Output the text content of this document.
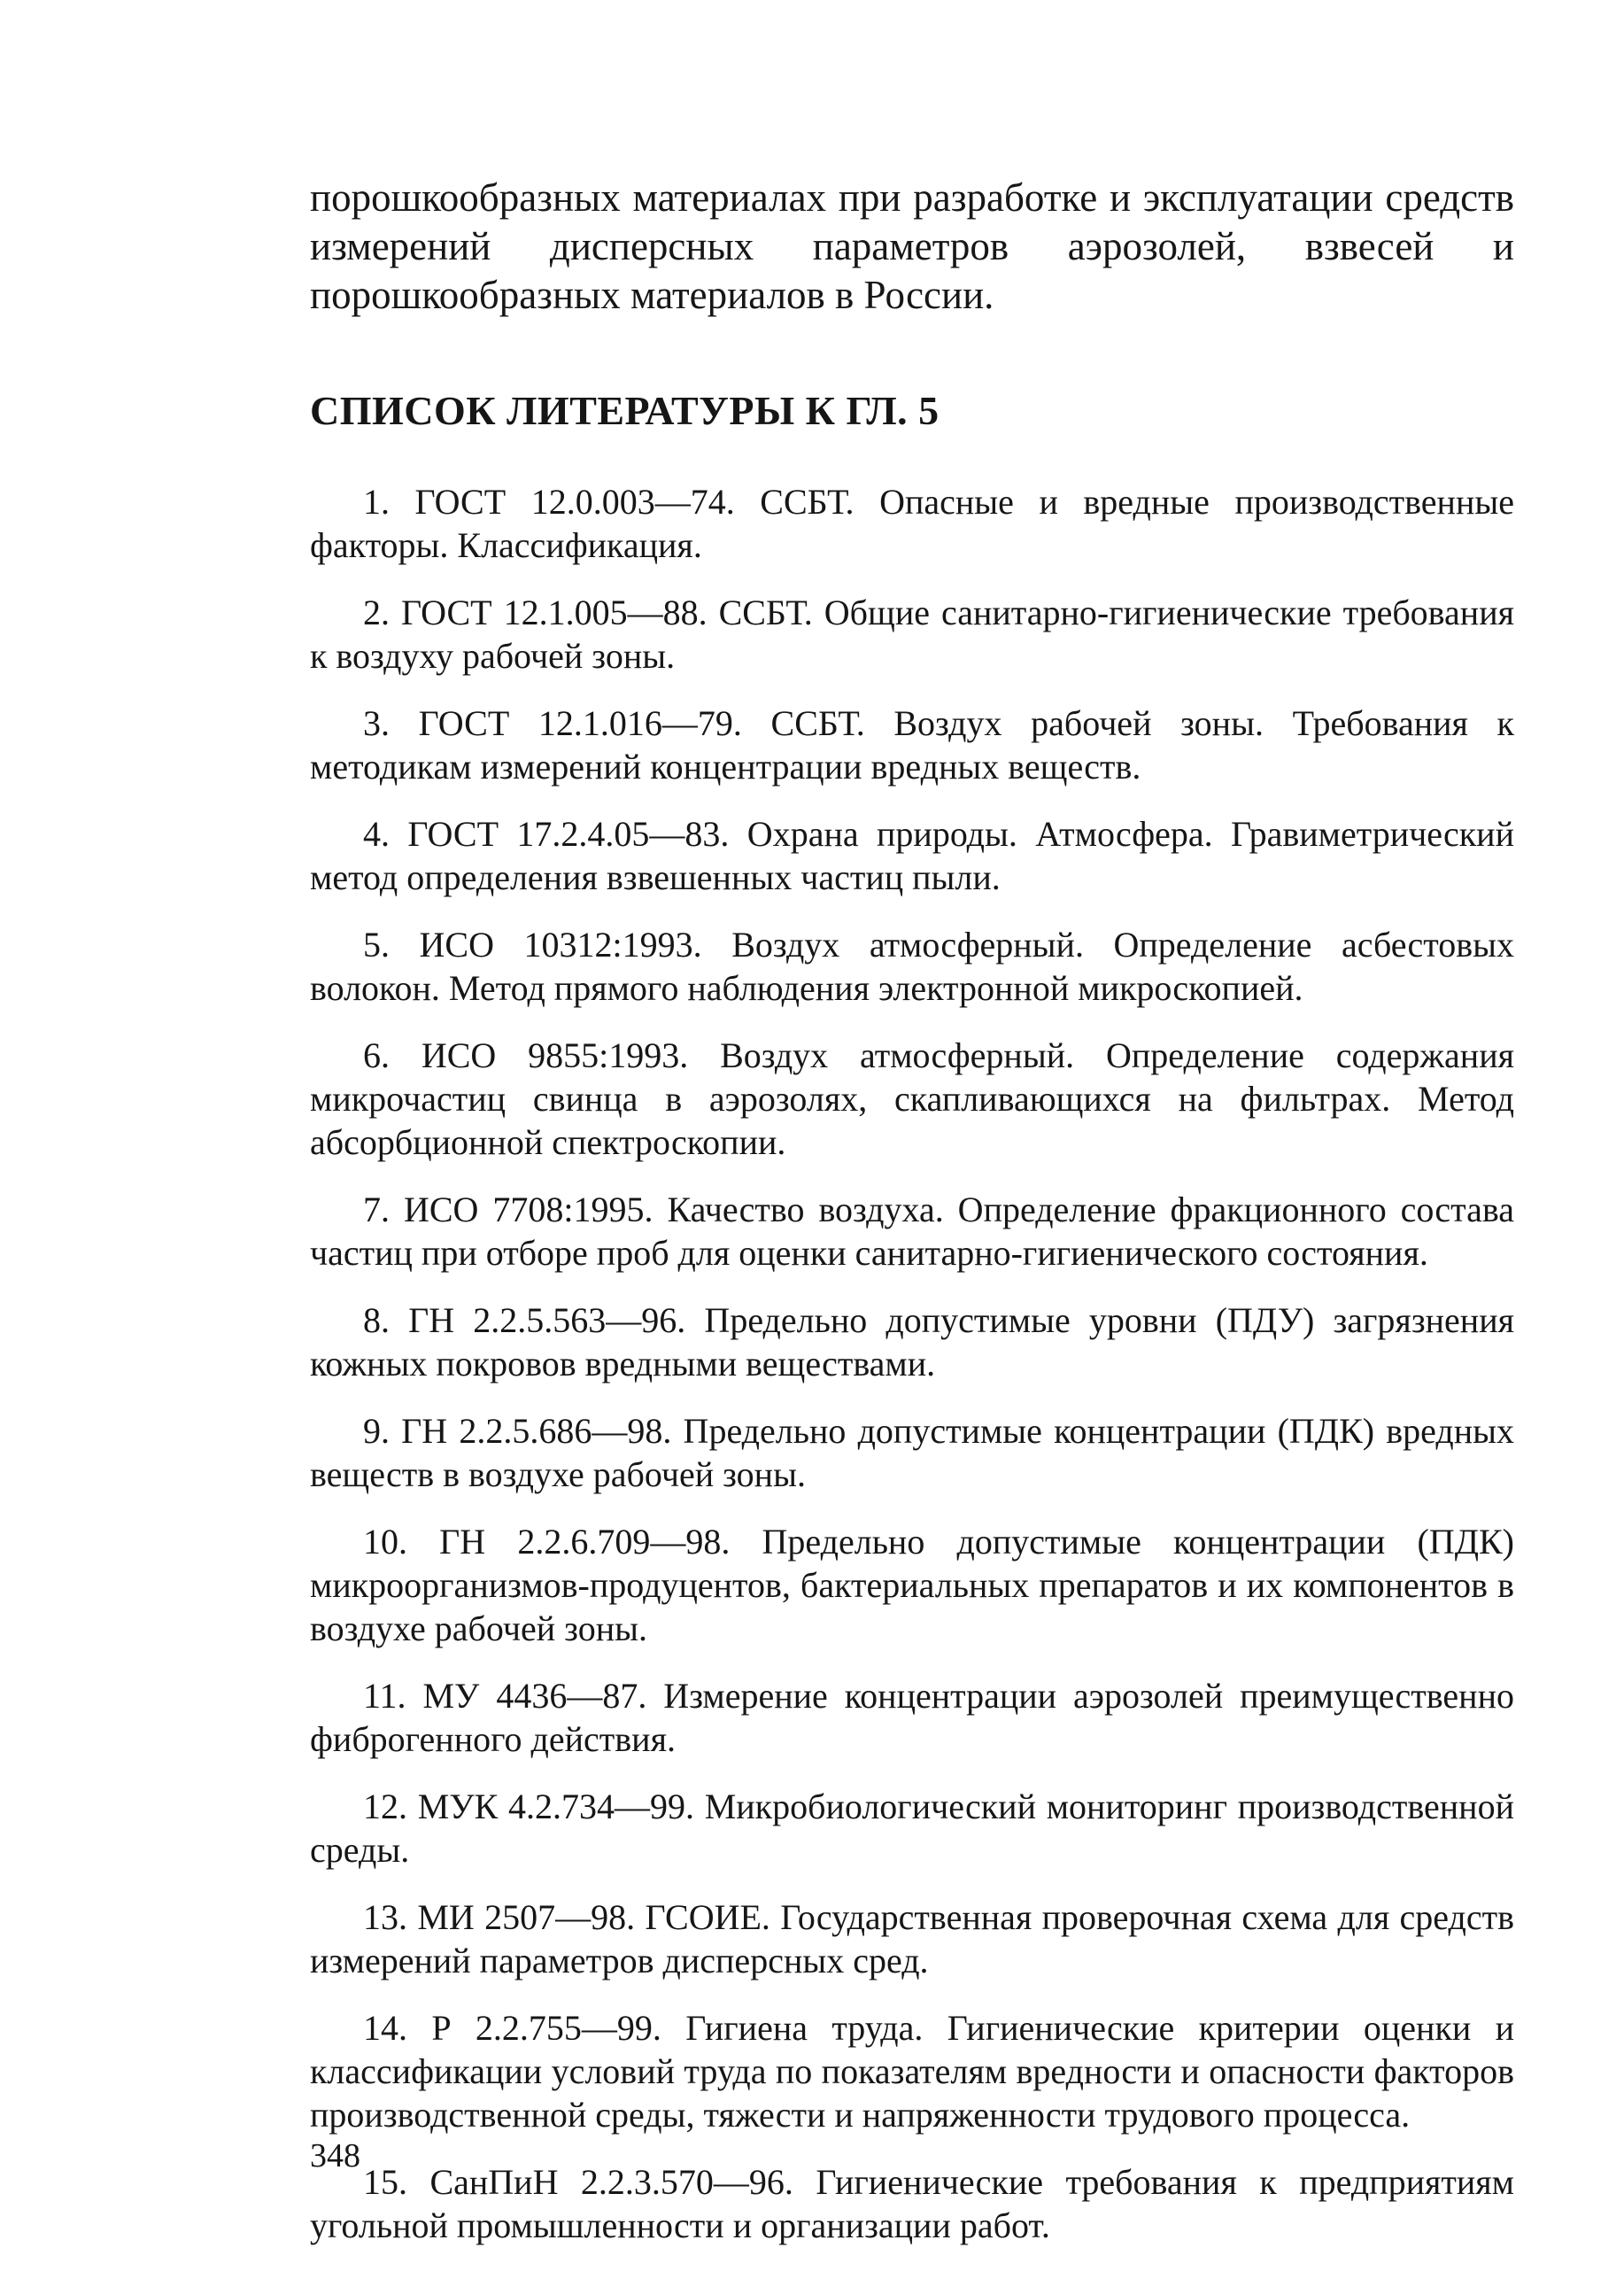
порошкообразных материалах при разработке и эксплуатации средств измерений дисперсных параметров аэрозолей, взвесей и порошкообразных материалов в России.

СПИСОК ЛИТЕРАТУРЫ К ГЛ. 5
1. ГОСТ 12.0.003—74. ССБТ. Опасные и вредные производственные факторы. Классификация.
2. ГОСТ 12.1.005—88. ССБТ. Общие санитарно-гигиенические требования к воздуху рабочей зоны.
3. ГОСТ 12.1.016—79. ССБТ. Воздух рабочей зоны. Требования к методикам измерений концентрации вредных веществ.
4. ГОСТ 17.2.4.05—83. Охрана природы. Атмосфера. Гравиметрический метод определения взвешенных частиц пыли.
5. ИСО 10312:1993. Воздух атмосферный. Определение асбестовых волокон. Метод прямого наблюдения электронной микроскопией.
6. ИСО 9855:1993. Воздух атмосферный. Определение содержания микрочастиц свинца в аэрозолях, скапливающихся на фильтрах. Метод абсорбционной спектроскопии.
7. ИСО 7708:1995. Качество воздуха. Определение фракционного состава частиц при отборе проб для оценки санитарно-гигиенического состояния.
8. ГН 2.2.5.563—96. Предельно допустимые уровни (ПДУ) загрязнения кожных покровов вредными веществами.
9. ГН 2.2.5.686—98. Предельно допустимые концентрации (ПДК) вредных веществ в воздухе рабочей зоны.
10. ГН 2.2.6.709—98. Предельно допустимые концентрации (ПДК) микроорганизмов-продуцентов, бактериальных препаратов и их компонентов в воздухе рабочей зоны.
11. МУ 4436—87. Измерение концентрации аэрозолей преимущественно фиброгенного действия.
12. МУК 4.2.734—99. Микробиологический мониторинг производственной среды.
13. МИ 2507—98. ГСОИЕ. Государственная проверочная схема для средств измерений параметров дисперсных сред.
14. Р 2.2.755—99. Гигиена труда. Гигиенические критерии оценки и классификации условий труда по показателям вредности и опасности факторов производственной среды, тяжести и напряженности трудового процесса.
15. СанПиН 2.2.3.570—96. Гигиенические требования к предприятиям угольной промышленности и организации работ.
348
